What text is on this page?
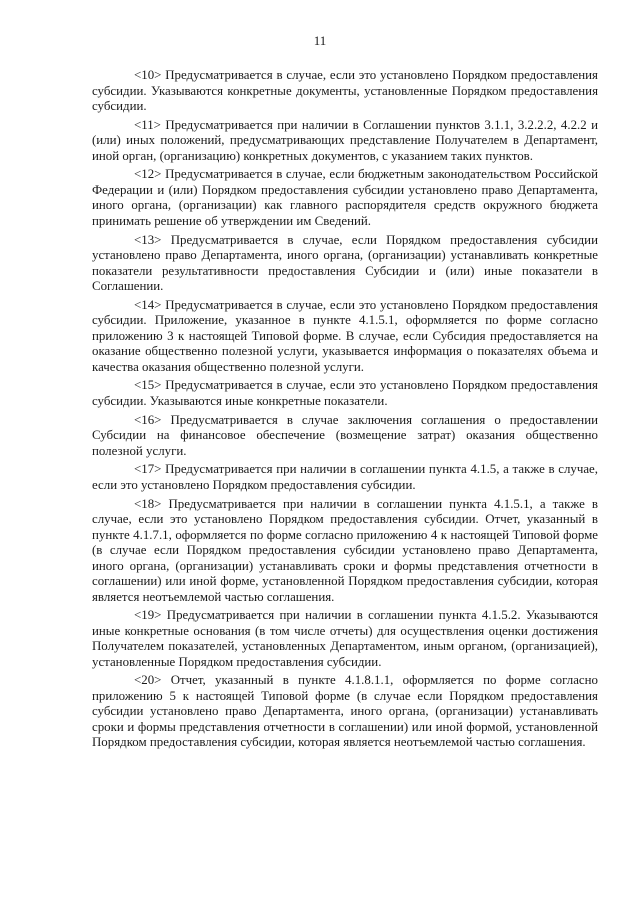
11

<10> Предусматривается в случае, если это установлено Порядком предоставления субсидии. Указываются конкретные документы, установленные Порядком предоставления субсидии.

<11> Предусматривается при наличии в Соглашении пунктов 3.1.1, 3.2.2.2, 4.2.2 и (или) иных положений, предусматривающих представление Получателем в Департамент, иной орган, (организацию) конкретных документов, с указанием таких пунктов.

<12> Предусматривается в случае, если бюджетным законодательством Российской Федерации и (или) Порядком предоставления субсидии установлено право Департамента, иного органа, (организации) как главного распорядителя средств окружного бюджета принимать решение об утверждении им Сведений.

<13> Предусматривается в случае, если Порядком предоставления субсидии установлено право Департамента, иного органа, (организации) устанавливать конкретные показатели результативности предоставления Субсидии и (или) иные показатели в Соглашении.

<14> Предусматривается в случае, если это установлено Порядком предоставления субсидии. Приложение, указанное в пункте 4.1.5.1, оформляется по форме согласно приложению 3 к настоящей Типовой форме. В случае, если Субсидия предоставляется на оказание общественно полезной услуги, указывается информация о показателях объема и качества оказания общественно полезной услуги.

<15> Предусматривается в случае, если это установлено Порядком предоставления субсидии. Указываются иные конкретные показатели.

<16> Предусматривается в случае заключения соглашения о предоставлении Субсидии на финансовое обеспечение (возмещение затрат) оказания общественно полезной услуги.

<17> Предусматривается при наличии в соглашении пункта 4.1.5, а также в случае, если это установлено Порядком предоставления субсидии.

<18> Предусматривается при наличии в соглашении пункта 4.1.5.1, а также в случае, если это установлено Порядком предоставления субсидии. Отчет, указанный в пункте 4.1.7.1, оформляется по форме согласно приложению 4 к настоящей Типовой форме (в случае если Порядком предоставления субсидии установлено право Департамента, иного органа, (организации) устанавливать сроки и формы представления отчетности в соглашении) или иной форме, установленной Порядком предоставления субсидии, которая является неотъемлемой частью соглашения.

<19> Предусматривается при наличии в соглашении пункта 4.1.5.2. Указываются иные конкретные основания (в том числе отчеты) для осуществления оценки достижения Получателем показателей, установленных Департаментом, иным органом, (организацией), установленные Порядком предоставления субсидии.

<20> Отчет, указанный в пункте 4.1.8.1.1, оформляется по форме согласно приложению 5 к настоящей Типовой форме (в случае если Порядком предоставления субсидии установлено право Департамента, иного органа, (организации) устанавливать сроки и формы представления отчетности в соглашении) или иной формой, установленной Порядком предоставления субсидии, которая является неотъемлемой частью соглашения.
